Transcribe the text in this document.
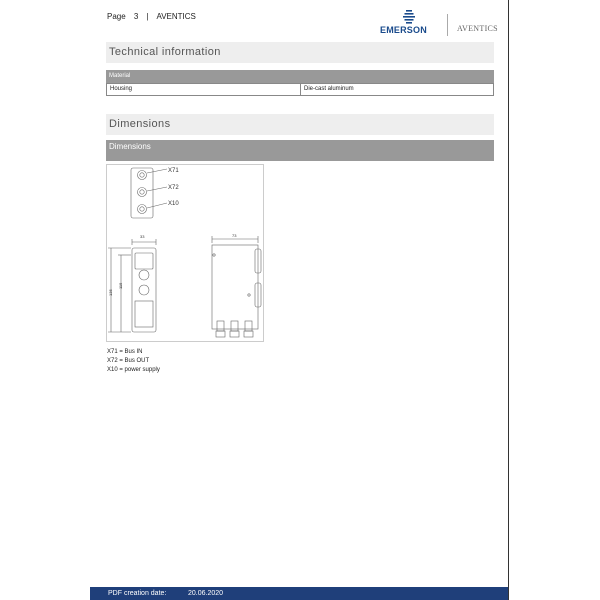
Page 3 | AVENTICS
EMERSON	AVENTICS
Technical information
Material
Housing	Die-cast aluminum
Dimensions
Dimensions
X71
X72
X10
33	73
135
115
X71 = Bus IN
X72 = Bus OUT
X10 = power supply
PDF creation date:	20.06.2020
